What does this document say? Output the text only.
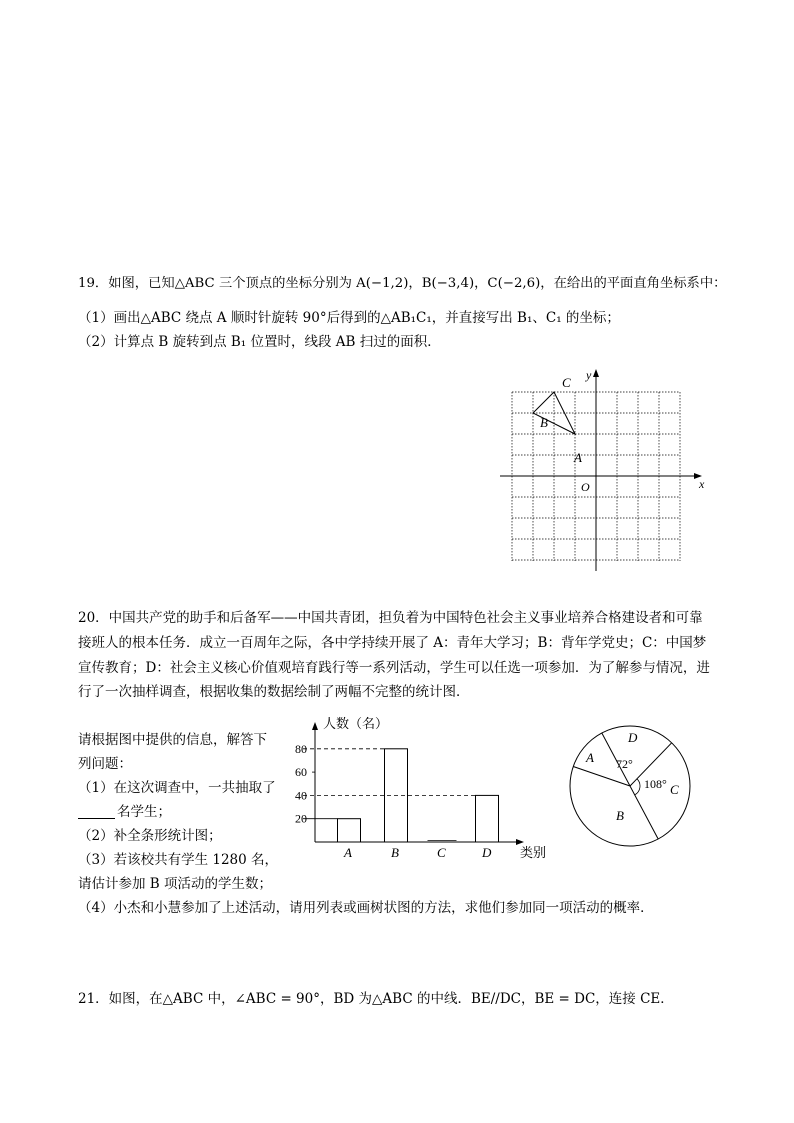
19．如图，已知△ABC 三个顶点的坐标分别为 A(−1,2)，B(−3,4)，C(−2,6)，在给出的平面直角坐标系中：
（1）画出△ABC 绕点 A 顺时针旋转 90°后得到的△AB₁C₁，并直接写出 B₁、C₁ 的坐标；
（2）计算点 B 旋转到点 B₁ 位置时，线段 AB 扫过的面积．
y
x
O
A
B
C
20．中国共产党的助手和后备军——中国共青团，担负着为中国特色社会主义事业培养合格建设者和可靠
接班人的根本任务．成立一百周年之际，各中学持续开展了 A：青年大学习；B：背年学党史；C：中国梦
宣传教育；D：社会主义核心价值观培育践行等一系列活动，学生可以任选一项参加．为了解参与情况，进
行了一次抽样调查，根据收集的数据绘制了两幅不完整的统计图．
请根据图中提供的信息，解答下
列问题：
（1）在这次调查中，一共抽取了
名学生；
（2）补全条形统计图；
（3）若该校共有学生 1280 名，
请估计参加 B 项活动的学生数；
（4）小杰和小慧参加了上述活动，请用列表或画树状图的方法，求他们参加同一项活动的概率．
人数（名）
类别
20
40
60
80
A	B	C	D
A
B
C
D
72°
108°
21．如图，在△ABC 中，∠ABC = 90°，BD 为△ABC 的中线．BE//DC，BE = DC，连接 CE．
